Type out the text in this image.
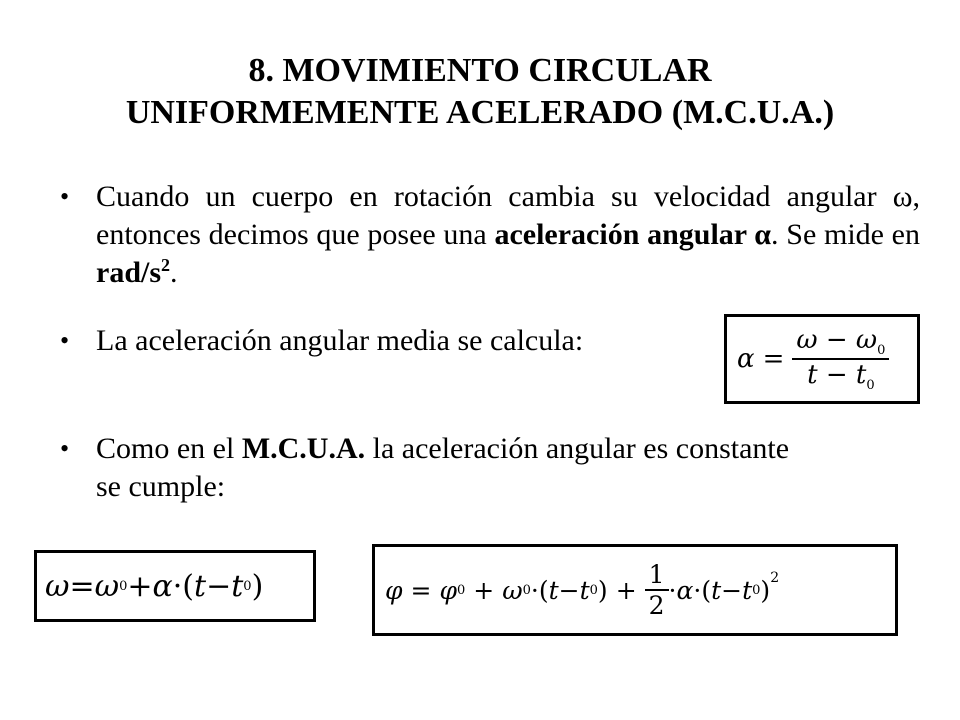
8. MOVIMIENTO CIRCULAR
UNIFORMEMENTE ACELERADO (M.C.U.A.)
• Cuando un cuerpo en rotación cambia su velocidad angular ω, entonces decimos que posee una aceleración angular α. Se mide en rad/$s^2$.
• La aceleración angular media se calcula:
$\alpha = \frac{\omega - \omega_0}{t - t_0}$
• Como en el M.C.U.A. la aceleración angular es constante se cumple:
ω = ω 0 + α ·( t − t 0 )	φ = φ 0 + ω 0 ·( t − t 0 ) + $\frac{1}{2} \cdot \alpha$ ·( t − t 0 )$^2$
